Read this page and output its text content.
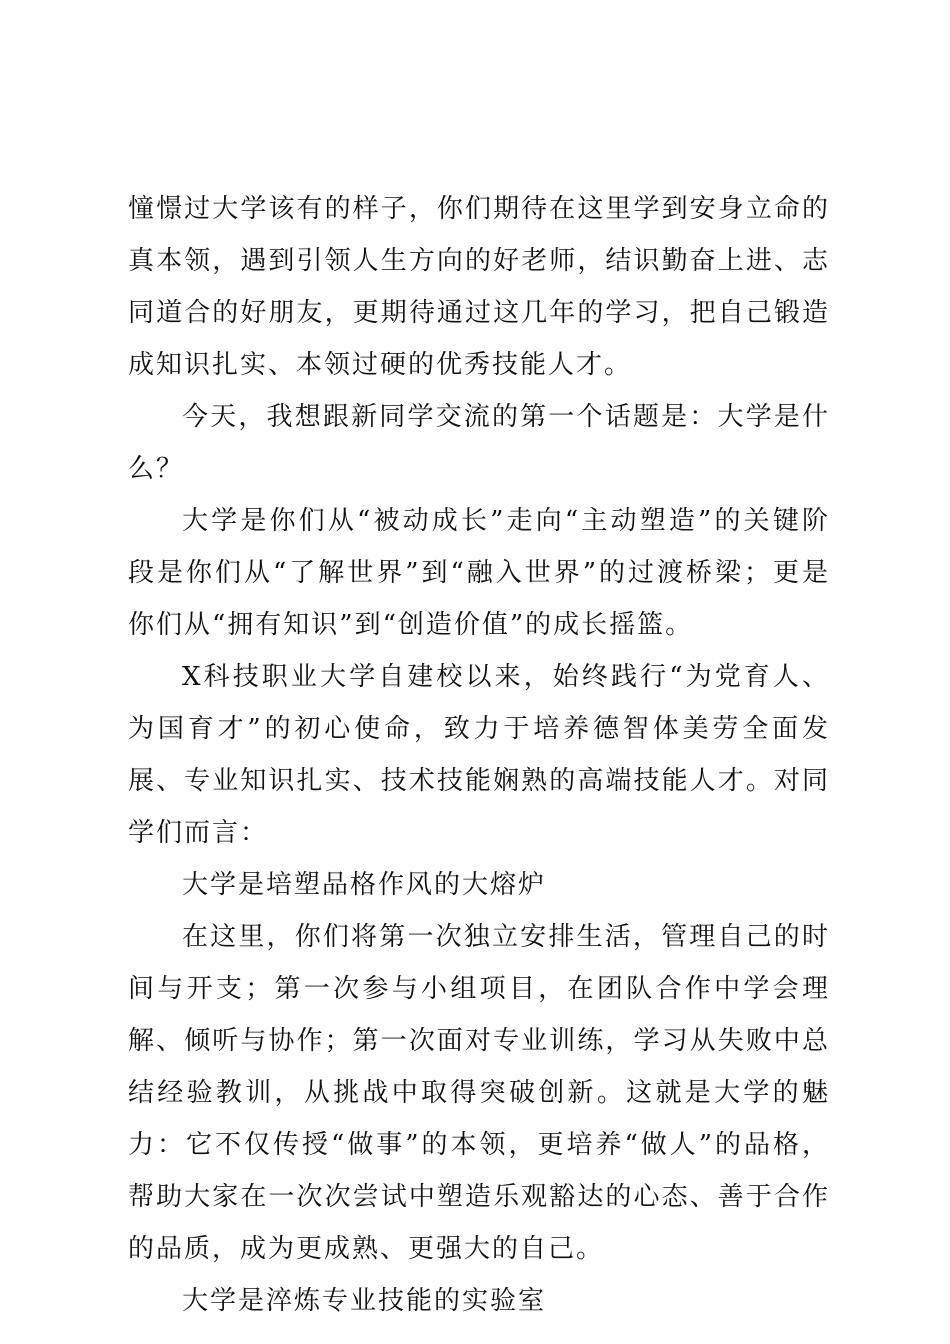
憧憬过大学该有的样子，你们期待在这里学到安身立命的真本领，遇到引领人生方向的好老师，结识勤奋上进、志同道合的好朋友，更期待通过这几年的学习，把自己锻造成知识扎实、本领过硬的优秀技能人才。

今天，我想跟新同学交流的第一个话题是：大学是什么？

大学是你们从“被动成长”走向“主动塑造”的关键阶段是你们从“了解世界”到“融入世界”的过渡桥梁；更是你们从“拥有知识”到“创造价值”的成长摇篮。

X科技职业大学自建校以来，始终践行“为党育人、为国育才”的初心使命，致力于培养德智体美劳全面发展、专业知识扎实、技术技能娴熟的高端技能人才。对同学们而言：

大学是培塑品格作风的大熔炉

在这里，你们将第一次独立安排生活，管理自己的时间与开支；第一次参与小组项目，在团队合作中学会理解、倾听与协作；第一次面对专业训练，学习从失败中总结经验教训，从挑战中取得突破创新。这就是大学的魅力：它不仅传授“做事”的本领，更培养“做人”的品格，帮助大家在一次次尝试中塑造乐观豁达的心态、善于合作的品质，成为更成熟、更强大的自己。

大学是淬炼专业技能的实验室
